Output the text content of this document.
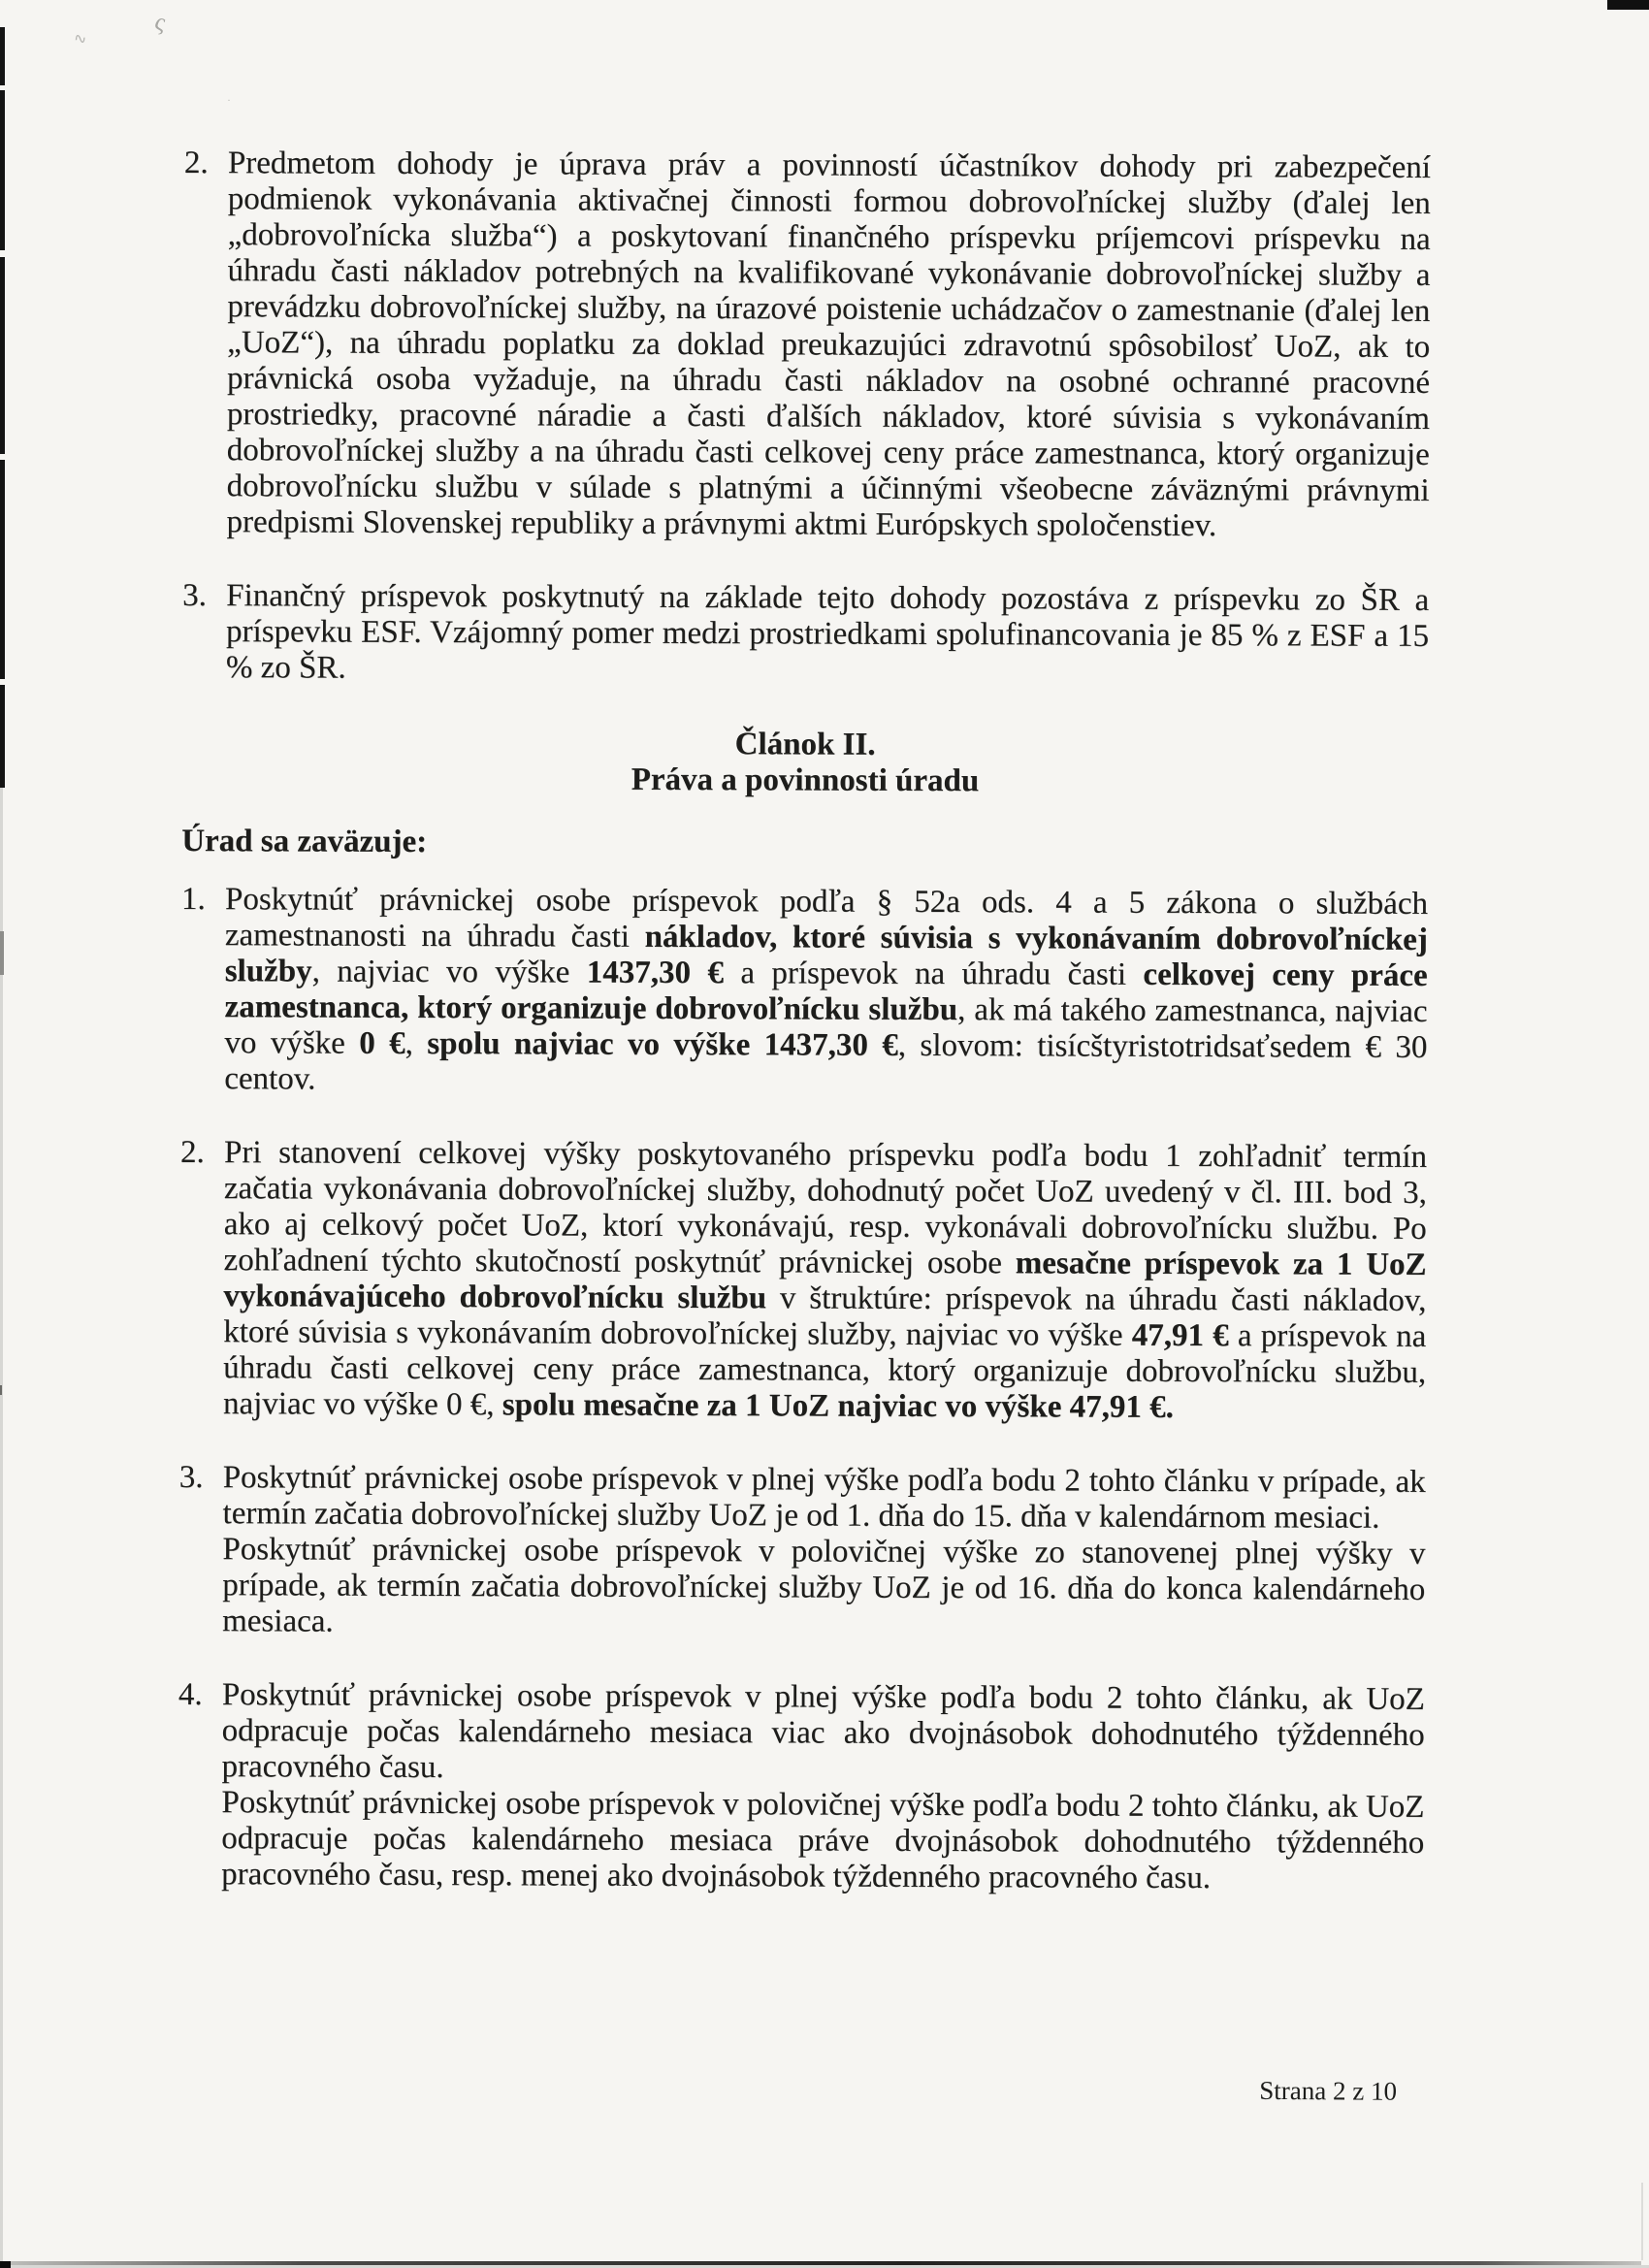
ς
∿
·
2. Predmetom dohody je úprava práv a povinností účastníkov dohody pri zabezpečení podmienok vykonávania aktivačnej činnosti formou dobrovoľníckej služby (ďalej len „dobrovoľnícka služba“) a poskytovaní finančného príspevku príjemcovi príspevku na úhradu časti nákladov potrebných na kvalifikované vykonávanie dobrovoľníckej služby a prevádzku dobrovoľníckej služby, na úrazové poistenie uchádzačov o zamestnanie (ďalej len „UoZ“), na úhradu poplatku za doklad preukazujúci zdravotnú spôsobilosť UoZ, ak to právnická osoba vyžaduje, na úhradu časti nákladov na osobné ochranné pracovné prostriedky, pracovné náradie a časti ďalších nákladov, ktoré súvisia s vykonávaním dobrovoľníckej služby a na úhradu časti celkovej ceny práce zamestnanca, ktorý organizuje dobrovoľnícku službu v súlade s platnými a účinnými všeobecne záväznými právnymi predpismi Slovenskej republiky a právnymi aktmi Európskych spoločenstiev.

3. Finančný príspevok poskytnutý na základe tejto dohody pozostáva z príspevku zo ŠR a príspevku ESF. Vzájomný pomer medzi prostriedkami spolufinancovania je 85 % z ESF a 15 % zo ŠR.

Článok II.
Práva a povinnosti úradu
Úrad sa zaväzuje:
1. Poskytnúť právnickej osobe príspevok podľa § 52a ods. 4 a 5 zákona o službách zamestnanosti na úhradu časti nákladov, ktoré súvisia s vykonávaním dobrovoľníckej služby, najviac vo výške 1437,30 € a príspevok na úhradu časti celkovej ceny práce zamestnanca, ktorý organizuje dobrovoľnícku službu, ak má takého zamestnanca, najviac vo výške 0 €, spolu najviac vo výške 1437,30 €, slovom: tisícštyristotridsaťsedem € 30 centov.

2. Pri stanovení celkovej výšky poskytovaného príspevku podľa bodu 1 zohľadniť termín začatia vykonávania dobrovoľníckej služby, dohodnutý počet UoZ uvedený v čl. III. bod 3, ako aj celkový počet UoZ, ktorí vykonávajú, resp. vykonávali dobrovoľnícku službu. Po zohľadnení týchto skutočností poskytnúť právnickej osobe mesačne príspevok za 1 UoZ vykonávajúceho dobrovoľnícku službu v štruktúre: príspevok na úhradu časti nákladov, ktoré súvisia s vykonávaním dobrovoľníckej služby, najviac vo výške 47,91 € a príspevok na úhradu časti celkovej ceny práce zamestnanca, ktorý organizuje dobrovoľnícku službu, najviac vo výške 0 €, spolu mesačne za 1 UoZ najviac vo výške 47,91 €.

3. Poskytnúť právnickej osobe príspevok v plnej výške podľa bodu 2 tohto článku v prípade, ak termín začatia dobrovoľníckej služby UoZ je od 1. dňa do 15. dňa v kalendárnom mesiaci.

Poskytnúť právnickej osobe príspevok v polovičnej výške zo stanovenej plnej výšky v prípade, ak termín začatia dobrovoľníckej služby UoZ je od 16. dňa do konca kalendárneho mesiaca.

4. Poskytnúť právnickej osobe príspevok v plnej výške podľa bodu 2 tohto článku, ak UoZ odpracuje počas kalendárneho mesiaca viac ako dvojnásobok dohodnutého týždenného pracovného času.

Poskytnúť právnickej osobe príspevok v polovičnej výške podľa bodu 2 tohto článku, ak UoZ odpracuje počas kalendárneho mesiaca práve dvojnásobok dohodnutého týždenného pracovného času, resp. menej ako dvojnásobok týždenného pracovného času.

Strana 2 z 10
